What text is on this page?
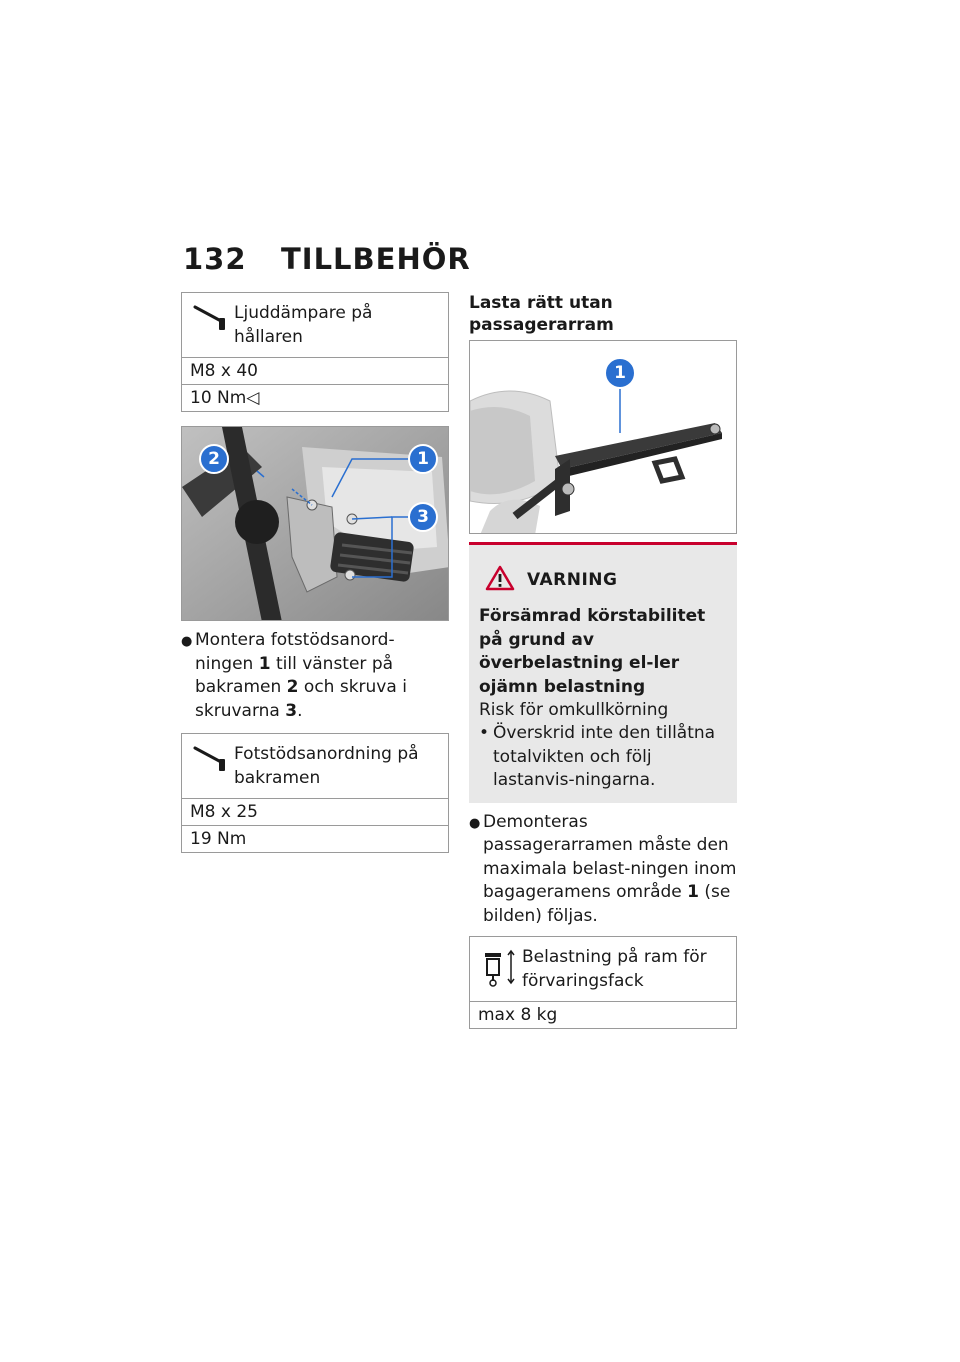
132	TILLBEHÖR
Ljuddämpare på hållaren
M8 x 40
10 Nm◁
2	1
3
● Montera fotstödsanord-ningen 1 till vänster på bakramen 2 och skruva i skruvarna 3.
Fotstödsanordning på bakramen
M8 x 25
19 Nm
Lasta rätt utan passagerarram
1
VARNING
Försämrad körstabilitet på grund av överbelastning el-ler ojämn belastning
Risk för omkullkörning
• Överskrid inte den tillåtna totalvikten och följ lastanvis-ningarna.
● Demonteras passagerarramen måste den maximala belast-ningen inom bagageramens område 1 (se bilden) följas.
Belastning på ram för förvaringsfack
max 8 kg
